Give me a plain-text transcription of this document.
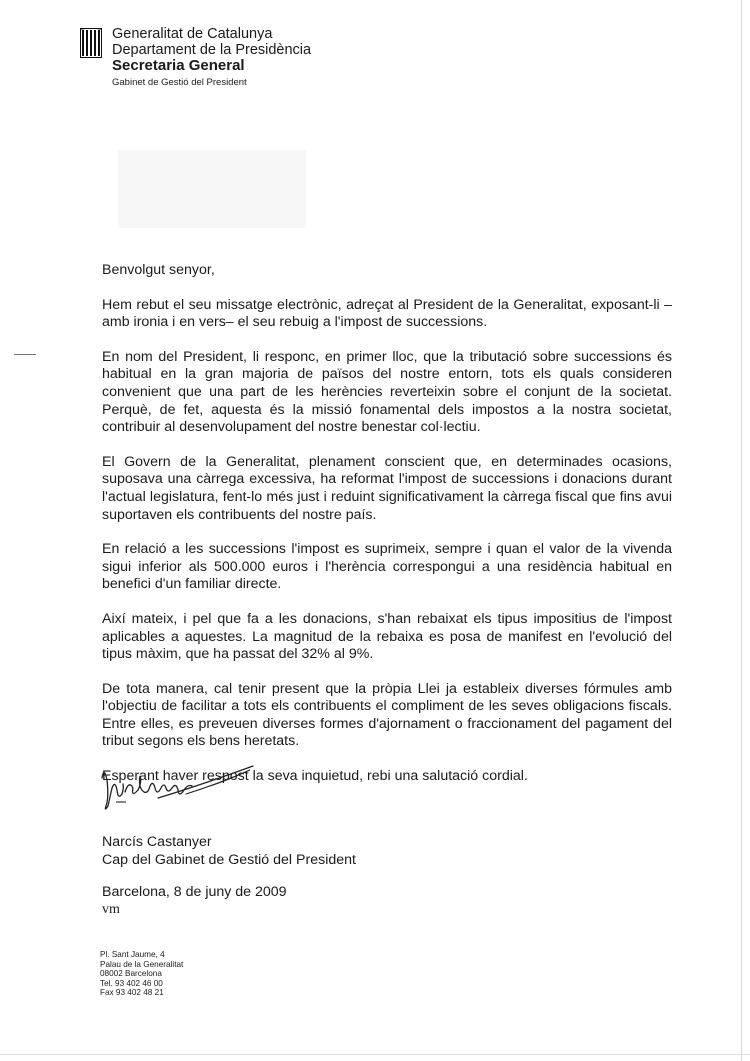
Generalitat de Catalunya
Departament de la Presidència
Secretaria General
Gabinet de Gestió del President
Benvolgut senyor,

Hem rebut el seu missatge electrònic, adreçat al President de la Generalitat, exposant-li –amb ironia i en vers– el seu rebuig a l'impost de successions.

En nom del President, li responc, en primer lloc, que la tributació sobre successions és habitual en la gran majoria de països del nostre entorn, tots els quals consideren convenient que una part de les herències reverteixin sobre el conjunt de la societat. Perquè, de fet, aquesta és la missió fonamental dels impostos a la nostra societat, contribuir al desenvolupament del nostre benestar col·lectiu.

El Govern de la Generalitat, plenament conscient que, en determinades ocasions, suposava una càrrega excessiva, ha reformat l'impost de successions i donacions durant l'actual legislatura, fent-lo més just i reduint significativament la càrrega fiscal que fins avui suportaven els contribuents del nostre país.

En relació a les successions l'impost es suprimeix, sempre i quan el valor de la vivenda sigui inferior als 500.000 euros i l'herència correspongui a una residència habitual en benefici d'un familiar directe.

Així mateix, i pel que fa a les donacions, s'han rebaixat els tipus impositius de l'impost aplicables a aquestes. La magnitud de la rebaixa es posa de manifest en l'evolució del tipus màxim, que ha passat del 32% al 9%.

De tota manera, cal tenir present que la pròpia Llei ja estableix diverses fórmules amb l'objectiu de facilitar a tots els contribuents el compliment de les seves obligacions fiscals. Entre elles, es preveuen diverses formes d'ajornament o fraccionament del pagament del tribut segons els bens heretats.

Esperant haver respost la seva inquietud, rebi una salutació cordial.

Narcís Castanyer
Cap del Gabinet de Gestió del President
Barcelona, 8 de juny de 2009
vm
Pl. Sant Jaume, 4
Palau de la Generalitat
08002 Barcelona
Tel. 93 402 46 00
Fax 93 402 48 21
